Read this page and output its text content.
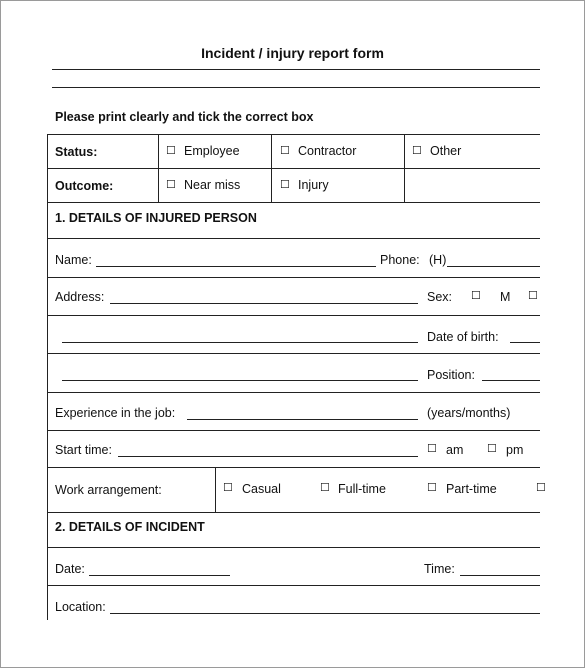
Incident / injury report form
Please print clearly and tick the correct box
Status:	☐ Employee	☐ Contractor	☐ Other
Outcome:	☐ Near miss	☐ Injury
1. DETAILS OF INJURED PERSON
Name:	Phone: (H)
Address:	Sex: ☐ M ☐
Date of birth:
Position:
Experience in the job:	(years/months)
Start time:	☐ am ☐ pm
Work arrangement:	☐ Casual	☐ Full-time	☐ Part-time	☐
2. DETAILS OF INCIDENT
Date:	Time:
Location:
